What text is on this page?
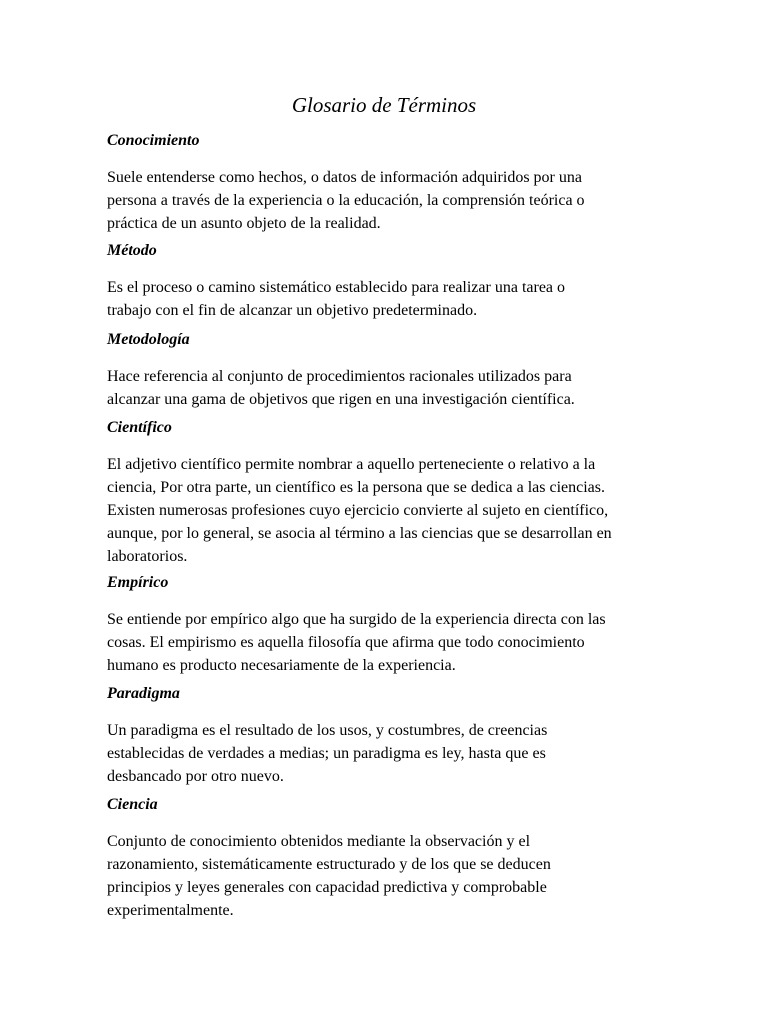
Glosario de Términos

Conocimiento

Suele entenderse como hechos, o datos de información adquiridos por una
persona a través de la experiencia o la educación, la comprensión teórica o
práctica de un asunto objeto de la realidad.

Método

Es el proceso o camino sistemático establecido para realizar una tarea o
trabajo con el fin de alcanzar un objetivo predeterminado.

Metodología

Hace referencia al conjunto de procedimientos racionales utilizados para
alcanzar una gama de objetivos que rigen en una investigación científica.

Científico

El adjetivo científico permite nombrar a aquello perteneciente o relativo a la
ciencia, Por otra parte, un científico es la persona que se dedica a las ciencias.
Existen numerosas profesiones cuyo ejercicio convierte al sujeto en científico,
aunque, por lo general, se asocia al término a las ciencias que se desarrollan en
laboratorios.

Empírico

Se entiende por empírico algo que ha surgido de la experiencia directa con las
cosas. El empirismo es aquella filosofía que afirma que todo conocimiento
humano es producto necesariamente de la experiencia.

Paradigma

Un paradigma es el resultado de los usos, y costumbres, de creencias
establecidas de verdades a medias; un paradigma es ley, hasta que es
desbancado por otro nuevo.

Ciencia

Conjunto de conocimiento obtenidos mediante la observación y el
razonamiento, sistemáticamente estructurado y de los que se deducen
principios y leyes generales con capacidad predictiva y comprobable
experimentalmente.
